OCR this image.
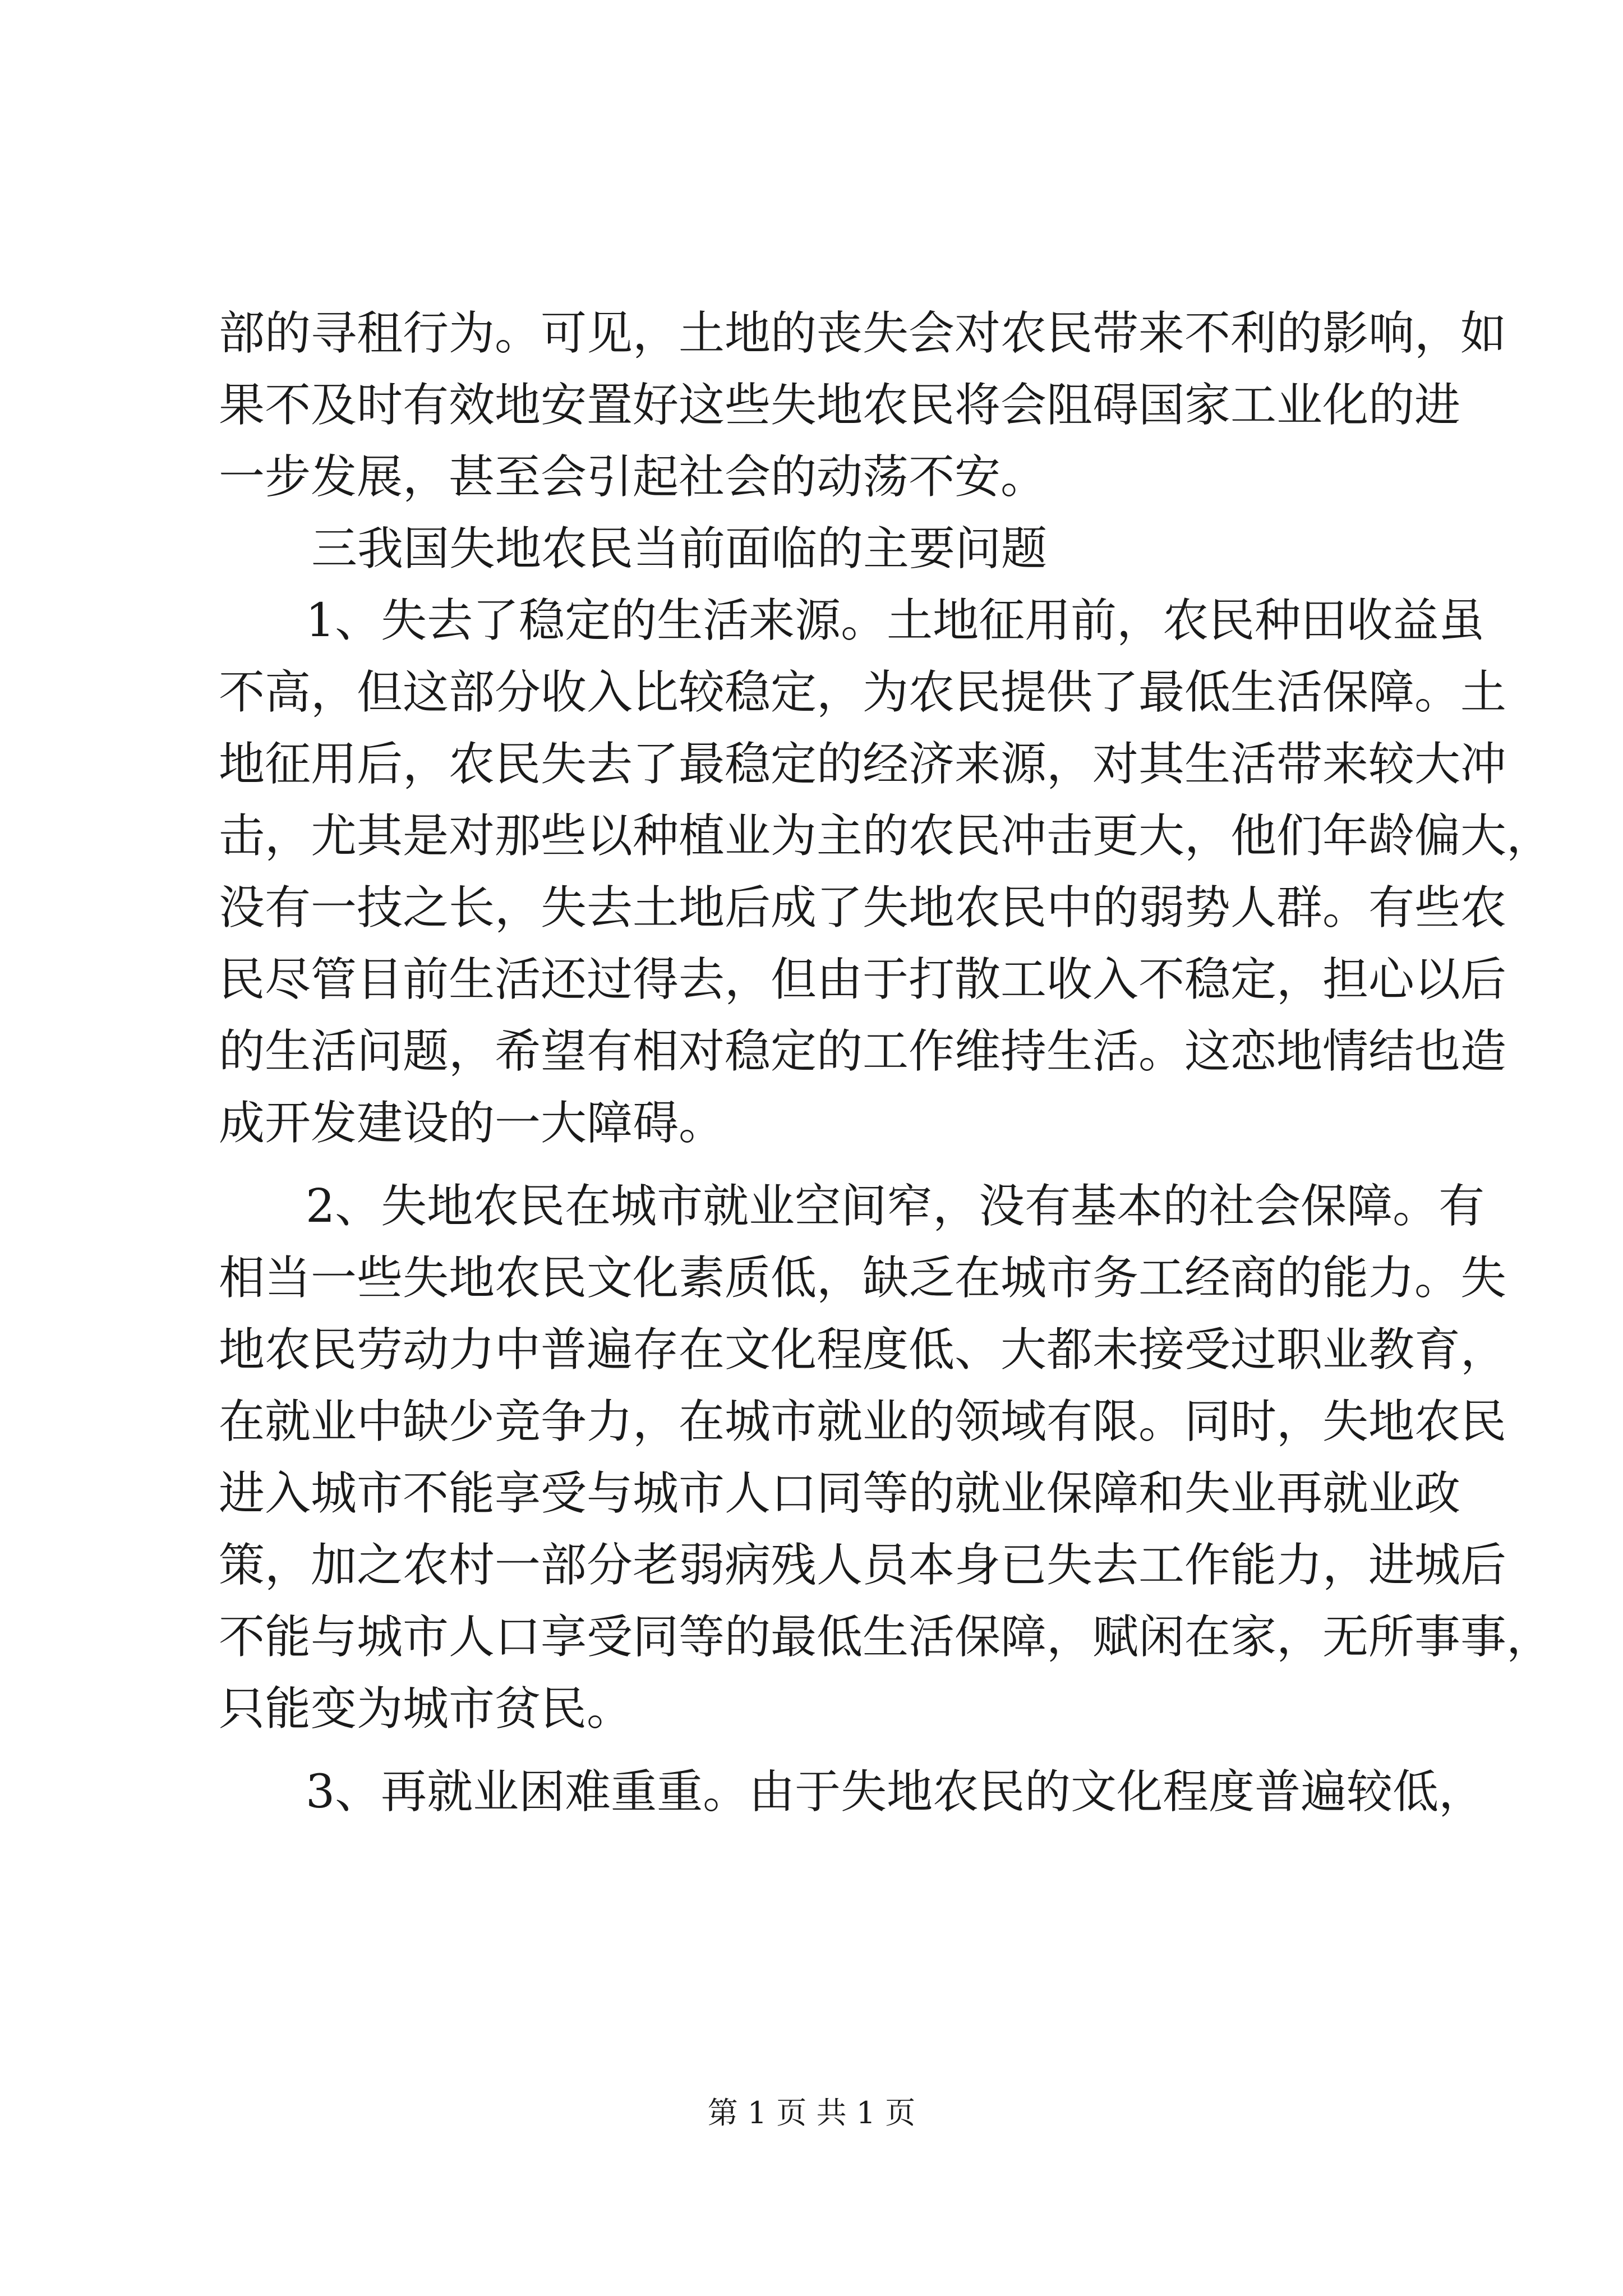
部的寻租行为。可见，土地的丧失会对农民带来不利的影响，如
果不及时有效地安置好这些失地农民将会阻碍国家工业化的进
一步发展，甚至会引起社会的动荡不安。
三我国失地农民当前面临的主要问题
1、失去了稳定的生活来源。土地征用前，农民种田收益虽
不高，但这部分收入比较稳定，为农民提供了最低生活保障。土
地征用后，农民失去了最稳定的经济来源，对其生活带来较大冲
击，尤其是对那些以种植业为主的农民冲击更大，他们年龄偏大，
没有一技之长，失去土地后成了失地农民中的弱势人群。有些农
民尽管目前生活还过得去，但由于打散工收入不稳定，担心以后
的生活问题，希望有相对稳定的工作维持生活。这恋地情结也造
成开发建设的一大障碍。
2、失地农民在城市就业空间窄，没有基本的社会保障。有
相当一些失地农民文化素质低，缺乏在城市务工经商的能力。失
地农民劳动力中普遍存在文化程度低、大都未接受过职业教育，
在就业中缺少竞争力，在城市就业的领域有限。同时，失地农民
进入城市不能享受与城市人口同等的就业保障和失业再就业政
策，加之农村一部分老弱病残人员本身已失去工作能力，进城后
不能与城市人口享受同等的最低生活保障，赋闲在家，无所事事，
只能变为城市贫民。
3、再就业困难重重。由于失地农民的文化程度普遍较低，
第 1 页 共 1 页
